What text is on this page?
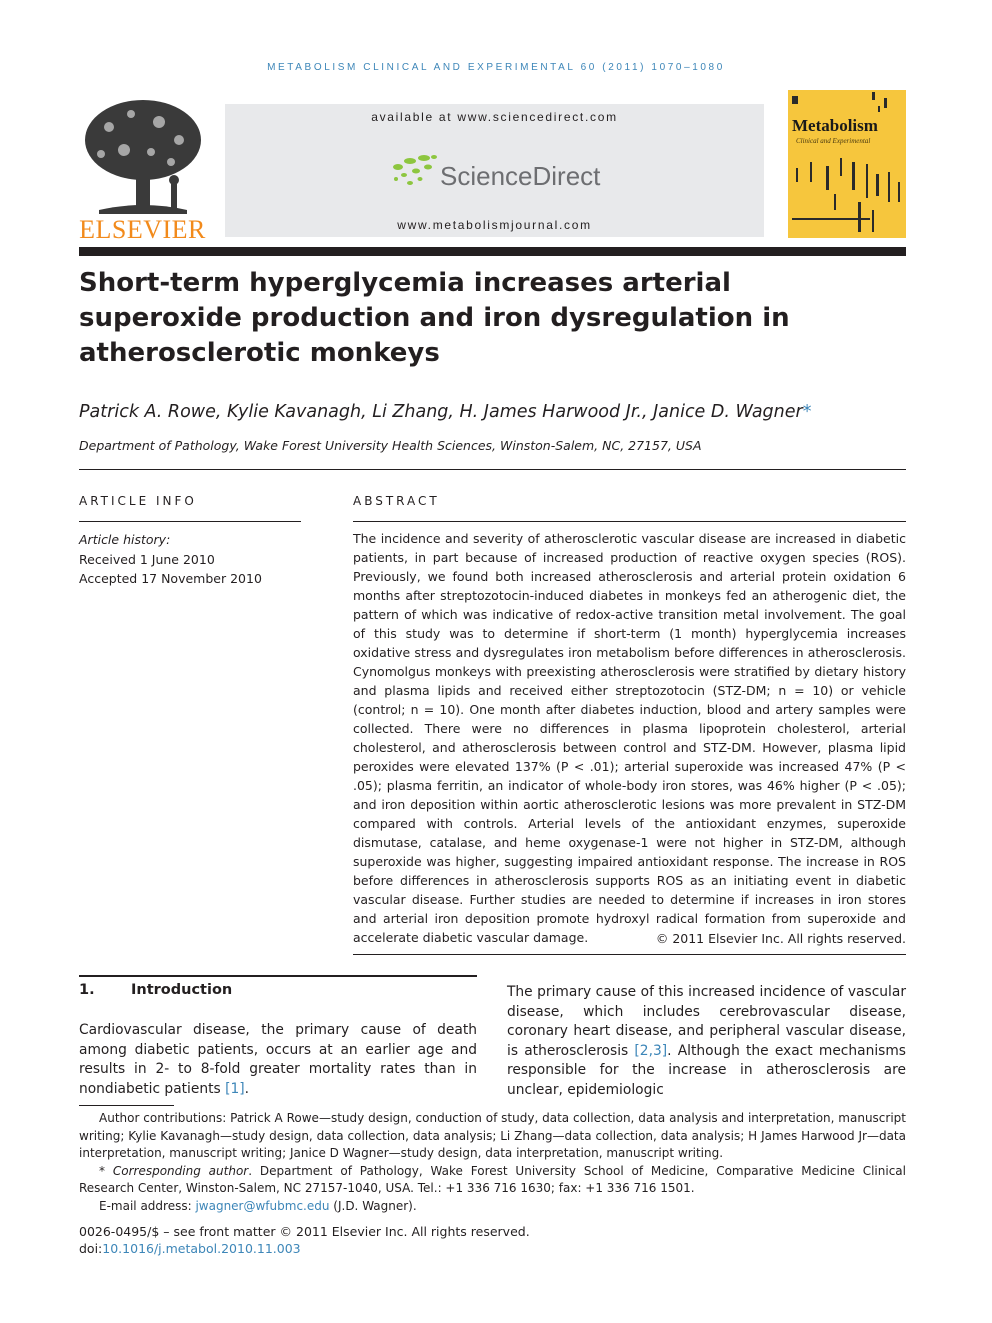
METABOLISM CLINICAL AND EXPERIMENTAL 60 (2011) 1070–1080
ELSEVIER
available at www.sciencedirect.com
ScienceDirect
www.metabolismjournal.com
Metabolism
Clinical and Experimental
Short-term hyperglycemia increases arterial superoxide production and iron dysregulation in atherosclerotic monkeys
Patrick A. Rowe, Kylie Kavanagh, Li Zhang, H. James Harwood Jr., Janice D. Wagner*
Department of Pathology, Wake Forest University Health Sciences, Winston-Salem, NC, 27157, USA
ARTICLE INFO
Article history:
Received 1 June 2010
Accepted 17 November 2010
ABSTRACT
The incidence and severity of atherosclerotic vascular disease are increased in diabetic patients, in part because of increased production of reactive oxygen species (ROS). Previously, we found both increased atherosclerosis and arterial protein oxidation 6 months after streptozotocin-induced diabetes in monkeys fed an atherogenic diet, the pattern of which was indicative of redox-active transition metal involvement. The goal of this study was to determine if short-term (1 month) hyperglycemia increases oxidative stress and dysregulates iron metabolism before differences in atherosclerosis. Cynomolgus monkeys with preexisting atherosclerosis were stratified by dietary history and plasma lipids and received either streptozotocin (STZ-DM; n = 10) or vehicle (control; n = 10). One month after diabetes induction, blood and artery samples were collected. There were no differences in plasma lipoprotein cholesterol, arterial cholesterol, and atherosclerosis between control and STZ-DM. However, plasma lipid peroxides were elevated 137% (P < .01); arterial superoxide was increased 47% (P < .05); plasma ferritin, an indicator of whole-body iron stores, was 46% higher (P < .05); and iron deposition within aortic atherosclerotic lesions was more prevalent in STZ-DM compared with controls. Arterial levels of the antioxidant enzymes, superoxide dismutase, catalase, and heme oxygenase-1 were not higher in STZ-DM, although superoxide was higher, suggesting impaired antioxidant response. The increase in ROS before differences in atherosclerosis supports ROS as an initiating event in diabetic vascular disease. Further studies are needed to determine if increases in iron stores and arterial iron deposition promote hydroxyl radical formation from superoxide and accelerate diabetic vascular damage.	© 2011 Elsevier Inc. All rights reserved.
1.	Introduction
Cardiovascular disease, the primary cause of death among diabetic patients, occurs at an earlier age and results in 2- to 8-fold greater mortality rates than in nondiabetic patients [1].
The primary cause of this increased incidence of vascular disease, which includes cerebrovascular disease, coronary heart disease, and peripheral vascular disease, is atherosclerosis [2,3]. Although the exact mechanisms responsible for the increase in atherosclerosis are unclear, epidemiologic

Author contributions: Patrick A Rowe—study design, conduction of study, data collection, data analysis and interpretation, manuscript writing; Kylie Kavanagh—study design, data collection, data analysis; Li Zhang—data collection, data analysis; H James Harwood Jr—data interpretation, manuscript writing; Janice D Wagner—study design, data interpretation, manuscript writing.

* Corresponding author. Department of Pathology, Wake Forest University School of Medicine, Comparative Medicine Clinical Research Center, Winston-Salem, NC 27157-1040, USA. Tel.: +1 336 716 1630; fax: +1 336 716 1501.

E-mail address: jwagner@wfubmc.edu (J.D. Wagner).

0026-0495/$ – see front matter © 2011 Elsevier Inc. All rights reserved.
doi:10.1016/j.metabol.2010.11.003
